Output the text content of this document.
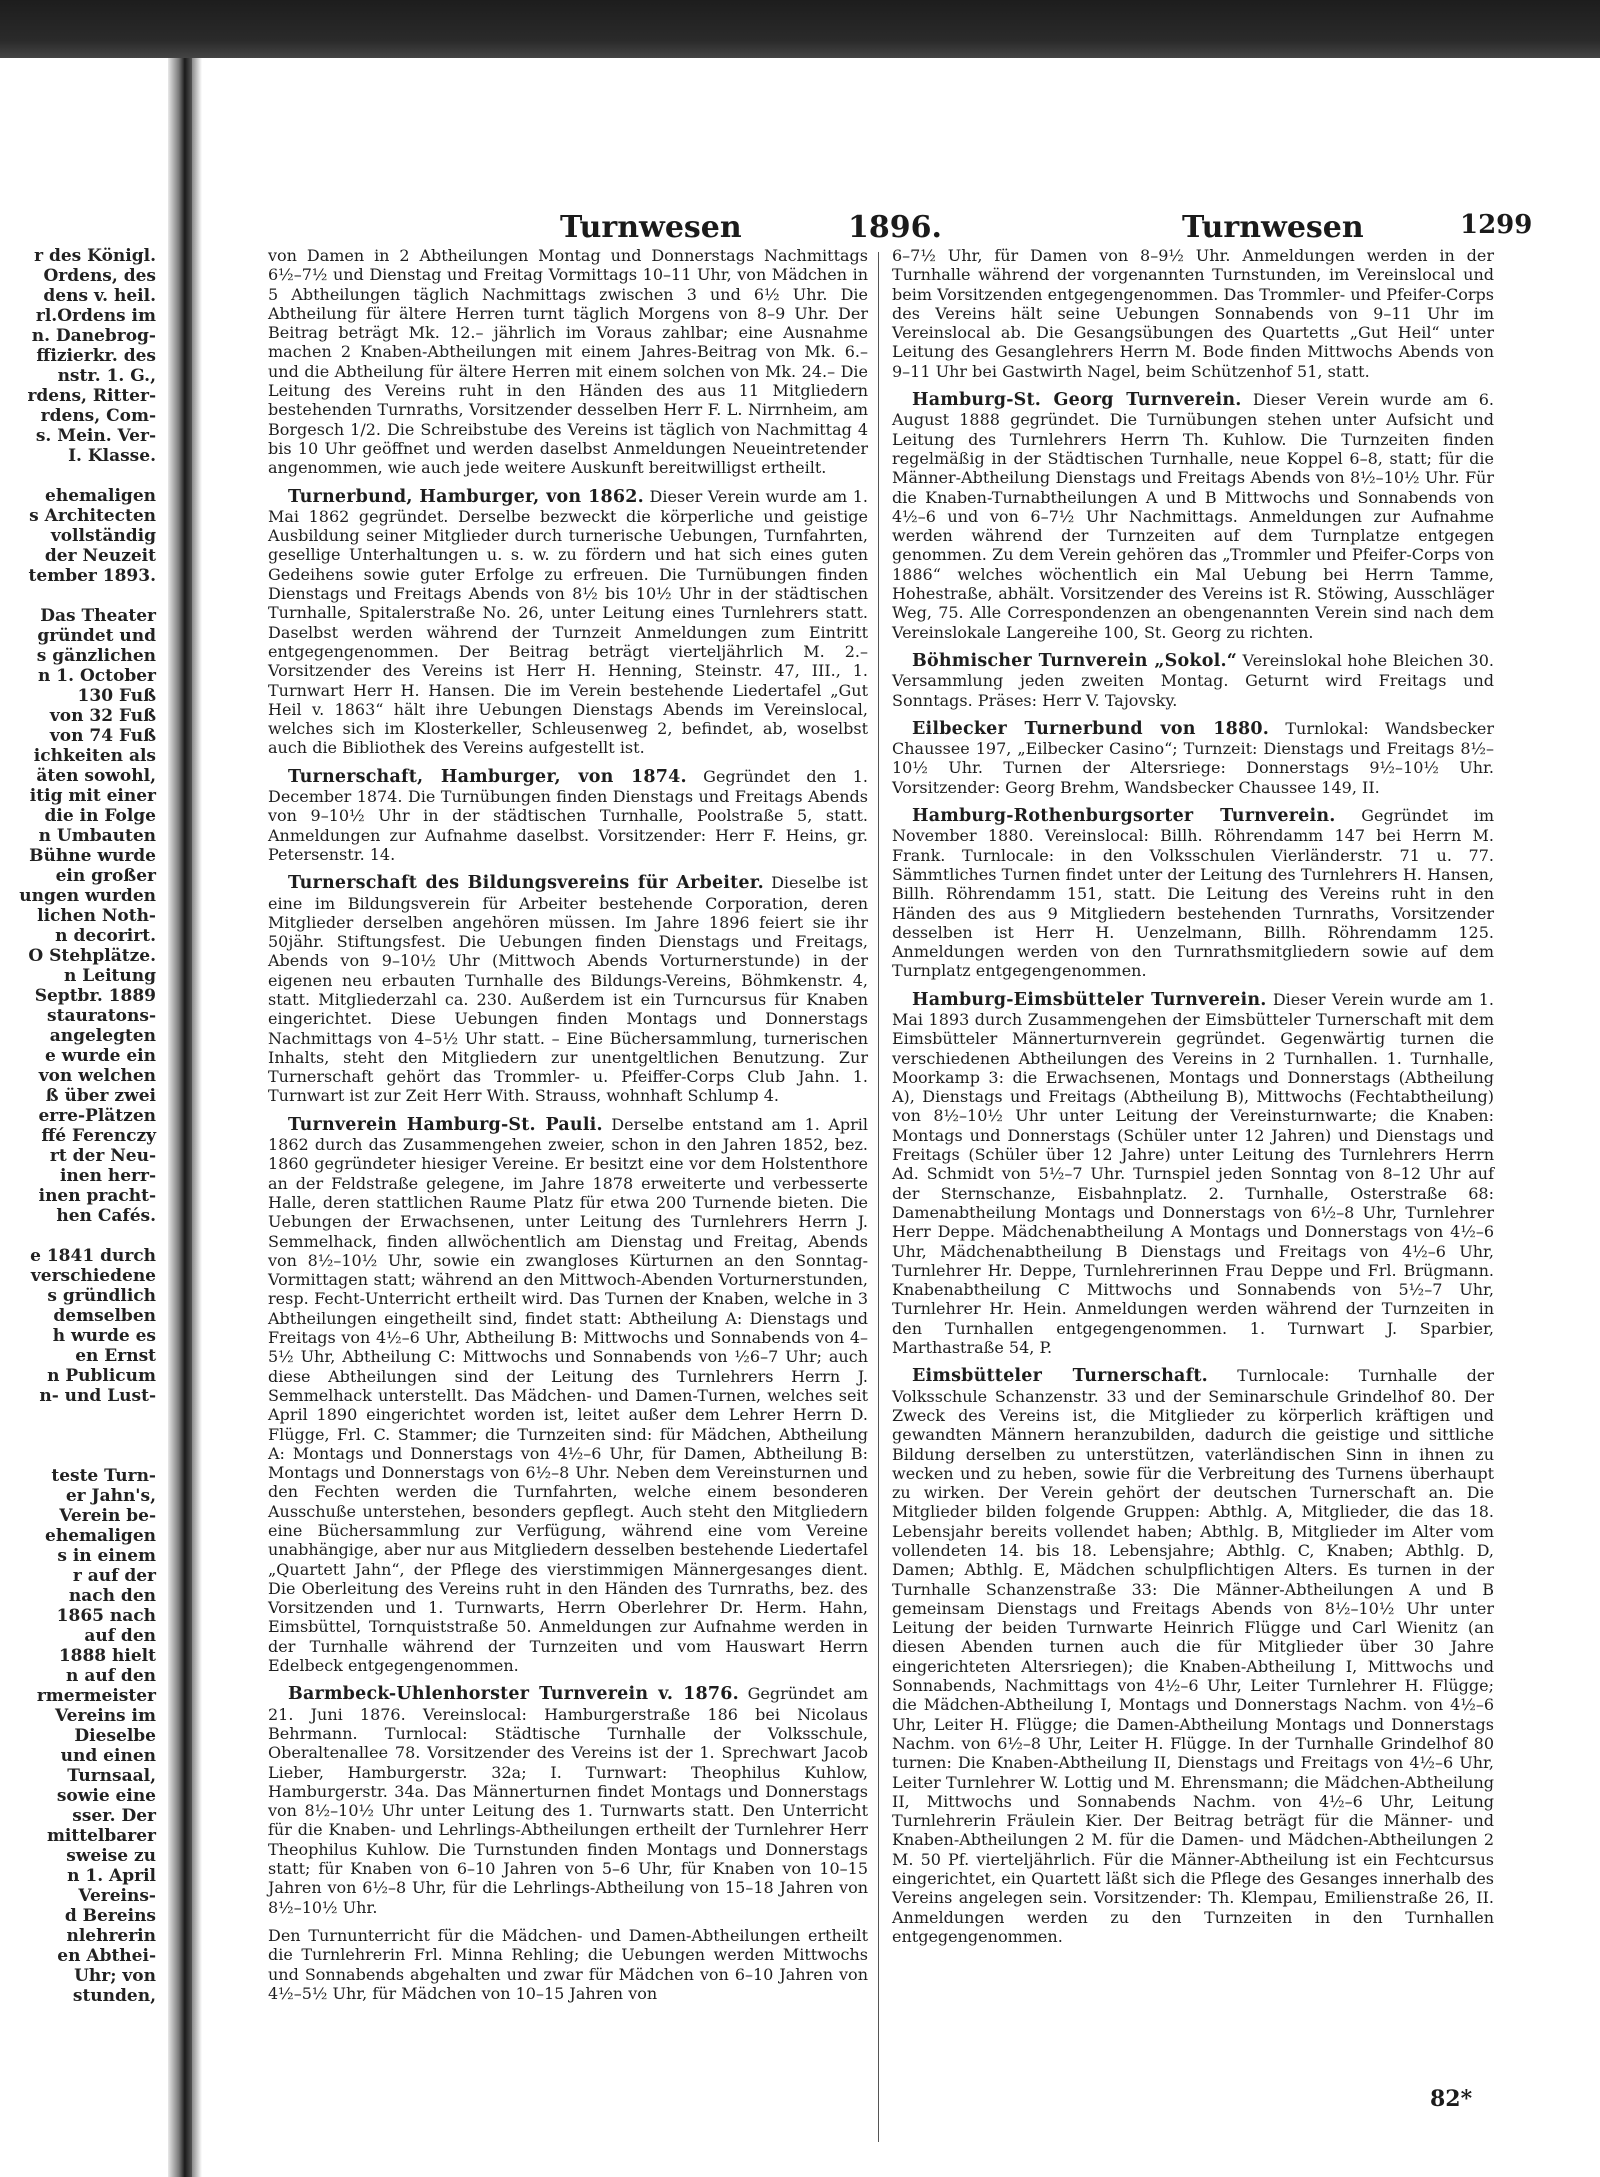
r des Königl.
Ordens, des
dens v. heil.
rl.Ordens im
n. Danebrog-
ffizierkr. des
nstr. 1. G.,
rdens, Ritter-
rdens, Com-
s. Mein. Ver-
I. Klasse.
ehemaligen
s Architecten
vollständig
der Neuzeit
tember 1893.
Das Theater
gründet und
s gänzlichen
n 1. October
130 Fuß
von 32 Fuß
von 74 Fuß
ichkeiten als
äten sowohl,
itig mit einer
die in Folge
n Umbauten
Bühne wurde
ein großer
ungen wurden
lichen Noth-
n decorirt.
O Stehplätze.
n Leitung
Septbr. 1889
stauratons-
angelegten
e wurde ein
von welchen
ß über zwei
erre-Plätzen
ffé Ferenczy
rt der Neu-
inen herr-
inen pracht-
hen Cafés.
e 1841 durch
verschiedene
s gründlich
demselben
h wurde es
en Ernst
n Publicum
n- und Lust-
teste Turn-
er Jahn's,
Verein be-
ehemaligen
s in einem
r auf der
nach den
1865 nach
auf den
1888 hielt
n auf den
rmermeister
Vereins im
Dieselbe
und einen
Turnsaal,
sowie eine
sser. Der
mittelbarer
sweise zu
n 1. April
Vereins-
d Bereins
nlehrerin
en Abthei-
Uhr; von
stunden,
Turnwesen	1896.	Turnwesen	1299

von Damen in 2 Abtheilungen Montag und Donnerstags Nachmittags 6½–7½ und Dienstag und Freitag Vormittags 10–11 Uhr, von Mädchen in 5 Abtheilungen täglich Nachmittags zwischen 3 und 6½ Uhr. Die Abtheilung für ältere Herren turnt täglich Morgens von 8–9 Uhr. Der Beitrag beträgt Mk. 12.– jährlich im Voraus zahlbar; eine Ausnahme machen 2 Knaben-Abtheilungen mit einem Jahres-Beitrag von Mk. 6.– und die Abtheilung für ältere Herren mit einem solchen von Mk. 24.– Die Leitung des Vereins ruht in den Händen des aus 11 Mitgliedern bestehenden Turnraths, Vorsitzender desselben Herr F. L. Nirrnheim, am Borgesch 1/2. Die Schreibstube des Vereins ist täglich von Nachmittag 4 bis 10 Uhr geöffnet und werden daselbst Anmeldungen Neueintretender angenommen, wie auch jede weitere Auskunft bereitwilligst ertheilt.

Turnerbund, Hamburger, von 1862. Dieser Verein wurde am 1. Mai 1862 gegründet. Derselbe bezweckt die körperliche und geistige Ausbildung seiner Mitglieder durch turnerische Uebungen, Turnfahrten, gesellige Unterhaltungen u. s. w. zu fördern und hat sich eines guten Gedeihens sowie guter Erfolge zu erfreuen. Die Turnübungen finden Dienstags und Freitags Abends von 8½ bis 10½ Uhr in der städtischen Turnhalle, Spitalerstraße No. 26, unter Leitung eines Turnlehrers statt. Daselbst werden während der Turnzeit Anmeldungen zum Eintritt entgegengenommen. Der Beitrag beträgt vierteljährlich M. 2.– Vorsitzender des Vereins ist Herr H. Henning, Steinstr. 47, III., 1. Turnwart Herr H. Hansen. Die im Verein bestehende Liedertafel „Gut Heil v. 1863“ hält ihre Uebungen Dienstags Abends im Vereinslocal, welches sich im Klosterkeller, Schleusenweg 2, befindet, ab, woselbst auch die Bibliothek des Vereins aufgestellt ist.

Turnerschaft, Hamburger, von 1874. Gegründet den 1. December 1874. Die Turnübungen finden Dienstags und Freitags Abends von 9–10½ Uhr in der städtischen Turnhalle, Poolstraße 5, statt. Anmeldungen zur Aufnahme daselbst. Vorsitzender: Herr F. Heins, gr. Petersenstr. 14.

Turnerschaft des Bildungsvereins für Arbeiter. Dieselbe ist eine im Bildungsverein für Arbeiter bestehende Corporation, deren Mitglieder derselben angehören müssen. Im Jahre 1896 feiert sie ihr 50jähr. Stiftungsfest. Die Uebungen finden Dienstags und Freitags, Abends von 9–10½ Uhr (Mittwoch Abends Vorturnerstunde) in der eigenen neu erbauten Turnhalle des Bildungs-Vereins, Böhmkenstr. 4, statt. Mitgliederzahl ca. 230. Außerdem ist ein Turncursus für Knaben eingerichtet. Diese Uebungen finden Montags und Donnerstags Nachmittags von 4–5½ Uhr statt. – Eine Büchersammlung, turnerischen Inhalts, steht den Mitgliedern zur unentgeltlichen Benutzung. Zur Turnerschaft gehört das Trommler- u. Pfeiffer-Corps Club Jahn. 1. Turnwart ist zur Zeit Herr With. Strauss, wohnhaft Schlump 4.

Turnverein Hamburg-St. Pauli. Derselbe entstand am 1. April 1862 durch das Zusammengehen zweier, schon in den Jahren 1852, bez. 1860 gegründeter hiesiger Vereine. Er besitzt eine vor dem Holstenthore an der Feldstraße gelegene, im Jahre 1878 erweiterte und verbesserte Halle, deren stattlichen Raume Platz für etwa 200 Turnende bieten. Die Uebungen der Erwachsenen, unter Leitung des Turnlehrers Herrn J. Semmelhack, finden allwöchentlich am Dienstag und Freitag, Abends von 8½–10½ Uhr, sowie ein zwangloses Kürturnen an den Sonntag-Vormittagen statt; während an den Mittwoch-Abenden Vorturnerstunden, resp. Fecht-Unterricht ertheilt wird. Das Turnen der Knaben, welche in 3 Abtheilungen eingetheilt sind, findet statt: Abtheilung A: Dienstags und Freitags von 4½–6 Uhr, Abtheilung B: Mittwochs und Sonnabends von 4–5½ Uhr, Abtheilung C: Mittwochs und Sonnabends von ½6–7 Uhr; auch diese Abtheilungen sind der Leitung des Turnlehrers Herrn J. Semmelhack unterstellt. Das Mädchen- und Damen-Turnen, welches seit April 1890 eingerichtet worden ist, leitet außer dem Lehrer Herrn D. Flügge, Frl. C. Stammer; die Turnzeiten sind: für Mädchen, Abtheilung A: Montags und Donnerstags von 4½–6 Uhr, für Damen, Abtheilung B: Montags und Donnerstags von 6½–8 Uhr. Neben dem Vereinsturnen und den Fechten werden die Turnfahrten, welche einem besonderen Ausschuße unterstehen, besonders gepflegt. Auch steht den Mitgliedern eine Büchersammlung zur Verfügung, während eine vom Vereine unabhängige, aber nur aus Mitgliedern desselben bestehende Liedertafel „Quartett Jahn“, der Pflege des vierstimmigen Männergesanges dient. Die Oberleitung des Vereins ruht in den Händen des Turnraths, bez. des Vorsitzenden und 1. Turnwarts, Herrn Oberlehrer Dr. Herm. Hahn, Eimsbüttel, Tornquiststraße 50. Anmeldungen zur Aufnahme werden in der Turnhalle während der Turnzeiten und vom Hauswart Herrn Edelbeck entgegengenommen.

Barmbeck-Uhlenhorster Turnverein v. 1876. Gegründet am 21. Juni 1876. Vereinslocal: Hamburgerstraße 186 bei Nicolaus Behrmann. Turnlocal: Städtische Turnhalle der Volksschule, Oberaltenallee 78. Vorsitzender des Vereins ist der 1. Sprechwart Jacob Lieber, Hamburgerstr. 32a; I. Turnwart: Theophilus Kuhlow, Hamburgerstr. 34a. Das Männerturnen findet Montags und Donnerstags von 8½–10½ Uhr unter Leitung des 1. Turnwarts statt. Den Unterricht für die Knaben- und Lehrlings-Abtheilungen ertheilt der Turnlehrer Herr Theophilus Kuhlow. Die Turnstunden finden Montags und Donnerstags statt; für Knaben von 6–10 Jahren von 5–6 Uhr, für Knaben von 10–15 Jahren von 6½–8 Uhr, für die Lehrlings-Abtheilung von 15–18 Jahren von 8½–10½ Uhr.

Den Turnunterricht für die Mädchen- und Damen-Abtheilungen ertheilt die Turnlehrerin Frl. Minna Rehling; die Uebungen werden Mittwochs und Sonnabends abgehalten und zwar für Mädchen von 6–10 Jahren von 4½–5½ Uhr, für Mädchen von 10–15 Jahren von

6–7½ Uhr, für Damen von 8–9½ Uhr. Anmeldungen werden in der Turnhalle während der vorgenannten Turnstunden, im Vereinslocal und beim Vorsitzenden entgegengenommen. Das Trommler- und Pfeifer-Corps des Vereins hält seine Uebungen Sonnabends von 9–11 Uhr im Vereinslocal ab. Die Gesangsübungen des Quartetts „Gut Heil“ unter Leitung des Gesanglehrers Herrn M. Bode finden Mittwochs Abends von 9–11 Uhr bei Gastwirth Nagel, beim Schützenhof 51, statt.

Hamburg-St. Georg Turnverein. Dieser Verein wurde am 6. August 1888 gegründet. Die Turnübungen stehen unter Aufsicht und Leitung des Turnlehrers Herrn Th. Kuhlow. Die Turnzeiten finden regelmäßig in der Städtischen Turnhalle, neue Koppel 6–8, statt; für die Männer-Abtheilung Dienstags und Freitags Abends von 8½–10½ Uhr. Für die Knaben-Turnabtheilungen A und B Mittwochs und Sonnabends von 4½–6 und von 6–7½ Uhr Nachmittags. Anmeldungen zur Aufnahme werden während der Turnzeiten auf dem Turnplatze entgegen genommen. Zu dem Verein gehören das „Trommler und Pfeifer-Corps von 1886“ welches wöchentlich ein Mal Uebung bei Herrn Tamme, Hohestraße, abhält. Vorsitzender des Vereins ist R. Stöwing, Ausschläger Weg, 75. Alle Correspondenzen an obengenannten Verein sind nach dem Vereinslokale Langereihe 100, St. Georg zu richten.

Böhmischer Turnverein „Sokol.“ Vereinslokal hohe Bleichen 30. Versammlung jeden zweiten Montag. Geturnt wird Freitags und Sonntags. Präses: Herr V. Tajovsky.

Eilbecker Turnerbund von 1880. Turnlokal: Wandsbecker Chaussee 197, „Eilbecker Casino“; Turnzeit: Dienstags und Freitags 8½–10½ Uhr. Turnen der Altersriege: Donnerstags 9½–10½ Uhr. Vorsitzender: Georg Brehm, Wandsbecker Chaussee 149, II.

Hamburg-Rothenburgsorter Turnverein. Gegründet im November 1880. Vereinslocal: Billh. Röhrendamm 147 bei Herrn M. Frank. Turnlocale: in den Volksschulen Vierländerstr. 71 u. 77. Sämmtliches Turnen findet unter der Leitung des Turnlehrers H. Hansen, Billh. Röhrendamm 151, statt. Die Leitung des Vereins ruht in den Händen des aus 9 Mitgliedern bestehenden Turnraths, Vorsitzender desselben ist Herr H. Uenzelmann, Billh. Röhrendamm 125. Anmeldungen werden von den Turnrathsmitgliedern sowie auf dem Turnplatz entgegengenommen.

Hamburg-Eimsbütteler Turnverein. Dieser Verein wurde am 1. Mai 1893 durch Zusammengehen der Eimsbütteler Turnerschaft mit dem Eimsbütteler Männerturnverein gegründet. Gegenwärtig turnen die verschiedenen Abtheilungen des Vereins in 2 Turnhallen. 1. Turnhalle, Moorkamp 3: die Erwachsenen, Montags und Donnerstags (Abtheilung A), Dienstags und Freitags (Abtheilung B), Mittwochs (Fechtabtheilung) von 8½–10½ Uhr unter Leitung der Vereinsturnwarte; die Knaben: Montags und Donnerstags (Schüler unter 12 Jahren) und Dienstags und Freitags (Schüler über 12 Jahre) unter Leitung des Turnlehrers Herrn Ad. Schmidt von 5½–7 Uhr. Turnspiel jeden Sonntag von 8–12 Uhr auf der Sternschanze, Eisbahnplatz. 2. Turnhalle, Osterstraße 68: Damenabtheilung Montags und Donnerstags von 6½–8 Uhr, Turnlehrer Herr Deppe. Mädchenabtheilung A Montags und Donnerstags von 4½–6 Uhr, Mädchenabtheilung B Dienstags und Freitags von 4½–6 Uhr, Turnlehrer Hr. Deppe, Turnlehrerinnen Frau Deppe und Frl. Brügmann. Knabenabtheilung C Mittwochs und Sonnabends von 5½–7 Uhr, Turnlehrer Hr. Hein. Anmeldungen werden während der Turnzeiten in den Turnhallen entgegengenommen. 1. Turnwart J. Sparbier, Marthastraße 54, P.

Eimsbütteler Turnerschaft. Turnlocale: Turnhalle der Volksschule Schanzenstr. 33 und der Seminarschule Grindelhof 80. Der Zweck des Vereins ist, die Mitglieder zu körperlich kräftigen und gewandten Männern heranzubilden, dadurch die geistige und sittliche Bildung derselben zu unterstützen, vaterländischen Sinn in ihnen zu wecken und zu heben, sowie für die Verbreitung des Turnens überhaupt zu wirken. Der Verein gehört der deutschen Turnerschaft an. Die Mitglieder bilden folgende Gruppen: Abthlg. A, Mitglieder, die das 18. Lebensjahr bereits vollendet haben; Abthlg. B, Mitglieder im Alter vom vollendeten 14. bis 18. Lebensjahre; Abthlg. C, Knaben; Abthlg. D, Damen; Abthlg. E, Mädchen schulpflichtigen Alters. Es turnen in der Turnhalle Schanzenstraße 33: Die Männer-Abtheilungen A und B gemeinsam Dienstags und Freitags Abends von 8½–10½ Uhr unter Leitung der beiden Turnwarte Heinrich Flügge und Carl Wienitz (an diesen Abenden turnen auch die für Mitglieder über 30 Jahre eingerichteten Altersriegen); die Knaben-Abtheilung I, Mittwochs und Sonnabends, Nachmittags von 4½–6 Uhr, Leiter Turnlehrer H. Flügge; die Mädchen-Abtheilung I, Montags und Donnerstags Nachm. von 4½–6 Uhr, Leiter H. Flügge; die Damen-Abtheilung Montags und Donnerstags Nachm. von 6½–8 Uhr, Leiter H. Flügge. In der Turnhalle Grindelhof 80 turnen: Die Knaben-Abtheilung II, Dienstags und Freitags von 4½–6 Uhr, Leiter Turnlehrer W. Lottig und M. Ehrensmann; die Mädchen-Abtheilung II, Mittwochs und Sonnabends Nachm. von 4½–6 Uhr, Leitung Turnlehrerin Fräulein Kier. Der Beitrag beträgt für die Männer- und Knaben-Abtheilungen 2 M. für die Damen- und Mädchen-Abtheilungen 2 M. 50 Pf. vierteljährlich. Für die Männer-Abtheilung ist ein Fechtcursus eingerichtet, ein Quartett läßt sich die Pflege des Gesanges innerhalb des Vereins angelegen sein. Vorsitzender: Th. Klempau, Emilienstraße 26, II. Anmeldungen werden zu den Turnzeiten in den Turnhallen entgegengenommen.

82*
